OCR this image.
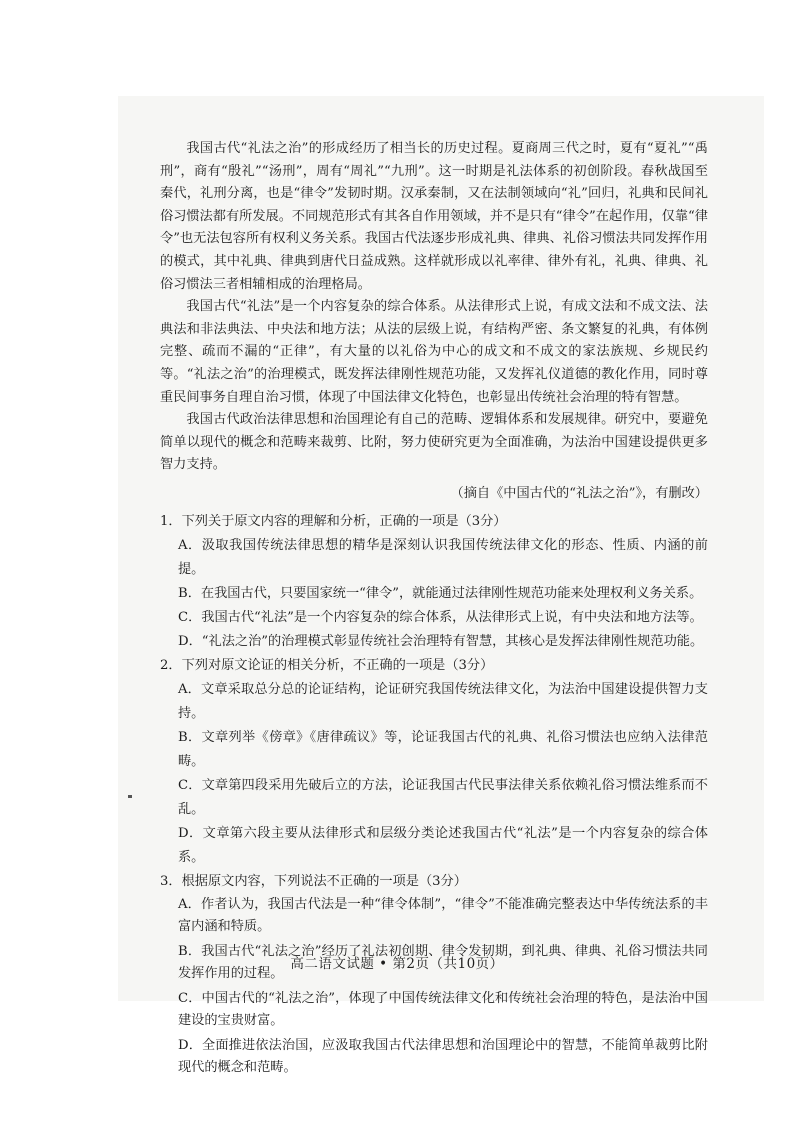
我国古代“礼法之治”的形成经历了相当长的历史过程。夏商周三代之时，夏有“夏礼”“禹刑”，商有“殷礼”“汤刑”，周有“周礼”“九刑”。这一时期是礼法体系的初创阶段。春秋战国至秦代，礼刑分离，也是“律令”发韧时期。汉承秦制，又在法制领域向“礼”回归，礼典和民间礼俗习惯法都有所发展。不同规范形式有其各自作用领域，并不是只有“律令”在起作用，仅靠“律令”也无法包容所有权利义务关系。我国古代法逐步形成礼典、律典、礼俗习惯法共同发挥作用的模式，其中礼典、律典到唐代日益成熟。这样就形成以礼率律、律外有礼，礼典、律典、礼俗习惯法三者相辅相成的治理格局。

我国古代“礼法”是一个内容复杂的综合体系。从法律形式上说，有成文法和不成文法、法典法和非法典法、中央法和地方法；从法的层级上说，有结构严密、条文繁复的礼典，有体例完整、疏而不漏的“正律”，有大量的以礼俗为中心的成文和不成文的家法族规、乡规民约等。“礼法之治”的治理模式，既发挥法律刚性规范功能，又发挥礼仪道德的教化作用，同时尊重民间事务自理自治习惯，体现了中国法律文化特色，也彰显出传统社会治理的特有智慧。

我国古代政治法律思想和治国理论有自己的范畴、逻辑体系和发展规律。研究中，要避免简单以现代的概念和范畴来裁剪、比附，努力使研究更为全面准确，为法治中国建设提供更多智力支持。

（摘自《中国古代的“礼法之治”》，有删改）

1．下列关于原文内容的理解和分析，正确的一项是（3分）

A．汲取我国传统法律思想的精华是深刻认识我国传统法律文化的形态、性质、内涵的前提。

B．在我国古代，只要国家统一“律令”，就能通过法律刚性规范功能来处理权利义务关系。

C．我国古代“礼法”是一个内容复杂的综合体系，从法律形式上说，有中央法和地方法等。

D．“礼法之治”的治理模式彰显传统社会治理特有智慧，其核心是发挥法律刚性规范功能。

2．下列对原文论证的相关分析，不正确的一项是（3分）

A．文章采取总分总的论证结构，论证研究我国传统法律文化，为法治中国建设提供智力支持。

B．文章列举《傍章》《唐律疏议》等，论证我国古代的礼典、礼俗习惯法也应纳入法律范畴。

C．文章第四段采用先破后立的方法，论证我国古代民事法律关系依赖礼俗习惯法维系而不乱。

D．文章第六段主要从法律形式和层级分类论述我国古代“礼法”是一个内容复杂的综合体系。

3．根据原文内容，下列说法不正确的一项是（3分）

A．作者认为，我国古代法是一种“律令体制”，“律令”不能准确完整表达中华传统法系的丰富内涵和特质。

B．我国古代“礼法之治”经历了礼法初创期、律令发韧期，到礼典、律典、礼俗习惯法共同发挥作用的过程。

C．中国古代的“礼法之治”，体现了中国传统法律文化和传统社会治理的特色，是法治中国建设的宝贵财富。

D．全面推进依法治国，应汲取我国古代法律思想和治国理论中的智慧，不能简单裁剪比附现代的概念和范畴。

高二语文试题 • 第2页（共10页）
